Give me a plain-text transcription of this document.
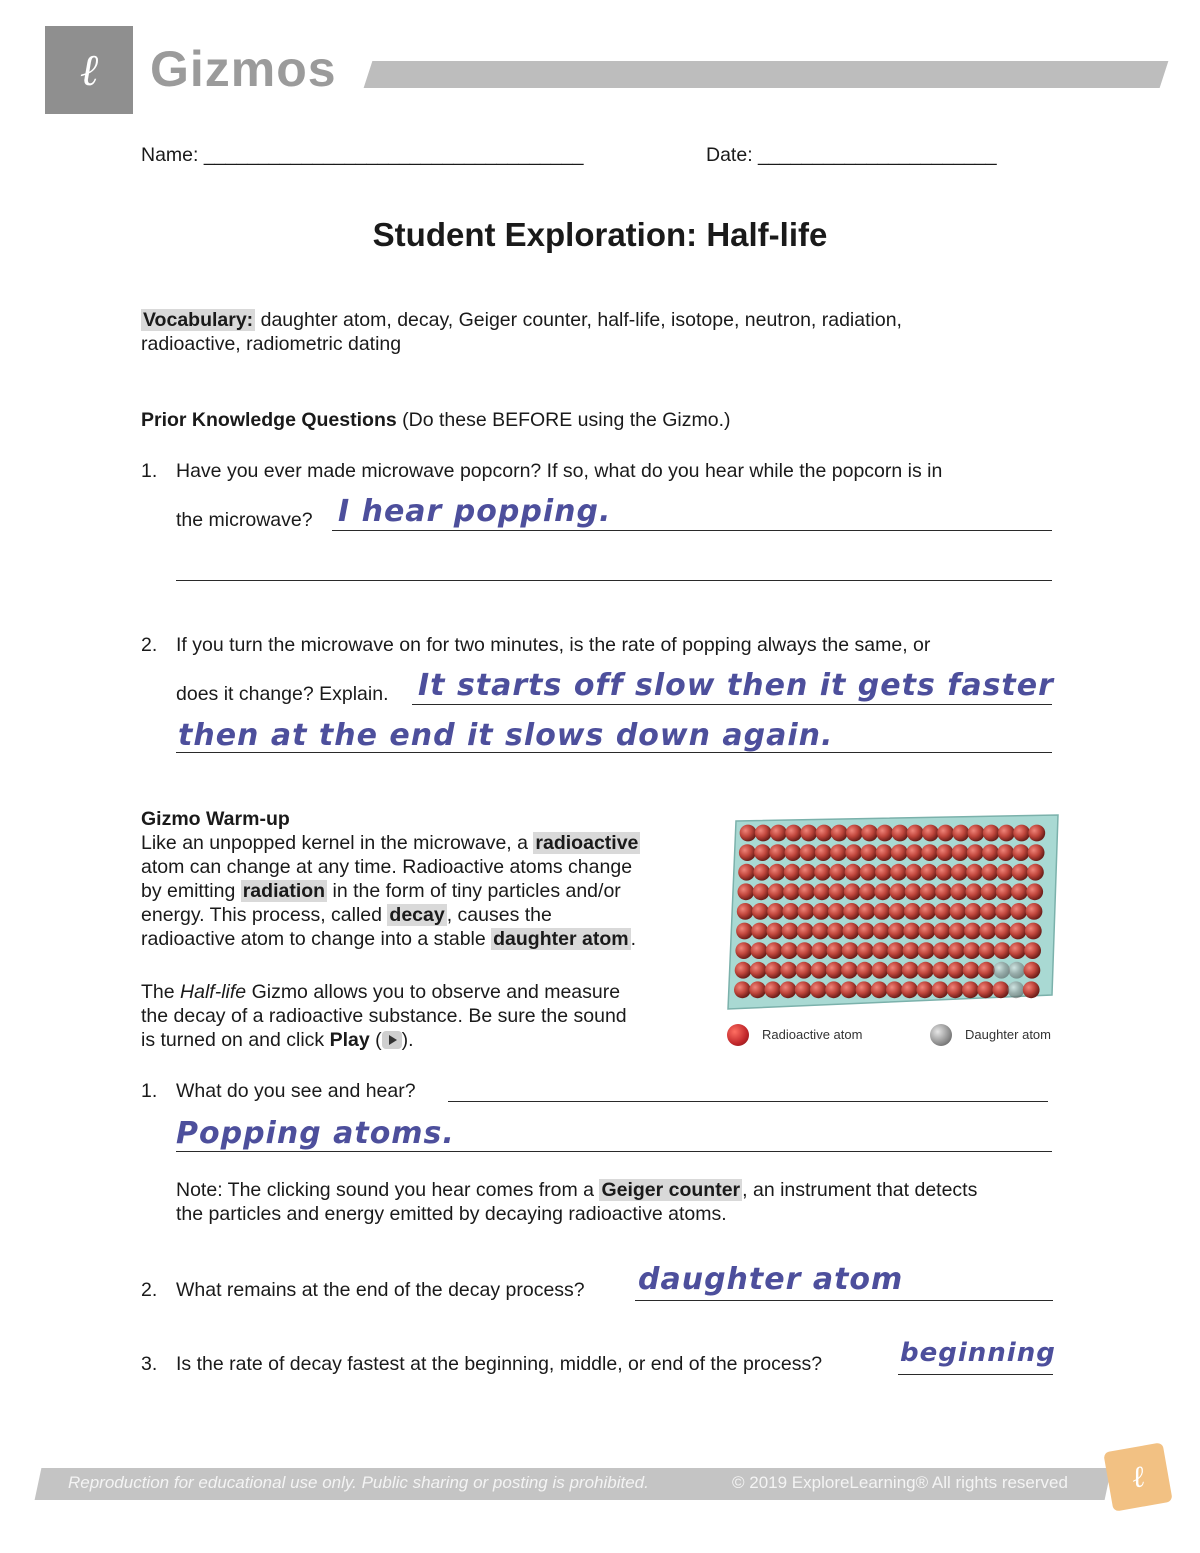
ℓ	Gizmos
Name: ___________________________________	Date: ______________________
Student Exploration: Half-life
Vocabulary: daughter atom, decay, Geiger counter, half-life, isotope, neutron, radiation,
radioactive, radiometric dating
Prior Knowledge Questions (Do these BEFORE using the Gizmo.)
1. Have you ever made microwave popcorn? If so, what do you hear while the popcorn is in
the microwave? I hear popping.
2. If you turn the microwave on for two minutes, is the rate of popping always the same, or
does it change? Explain. It starts off slow then it gets faster
then at the end it slows down again.
Gizmo Warm-up
Like an unpopped kernel in the microwave, a radioactive
atom can change at any time. Radioactive atoms change
by emitting radiation in the form of tiny particles and/or
energy. This process, called decay , causes the
radioactive atom to change into a stable daughter atom .
The Half-life Gizmo allows you to observe and measure
the decay of a radioactive substance. Be sure the sound
is turned on and click Play ( ).	Radioactive atom	Daughter atom
1. What do you see and hear?
Popping atoms.
Note: The clicking sound you hear comes from a Geiger counter , an instrument that detects
the particles and energy emitted by decaying radioactive atoms.
2. What remains at the end of the decay process? daughter atom
3. Is the rate of decay fastest at the beginning, middle, or end of the process?	beginning
Reproduction for educational use only. Public sharing or posting is prohibited.	© 2019 ExploreLearning® All rights reserved	ℓ
